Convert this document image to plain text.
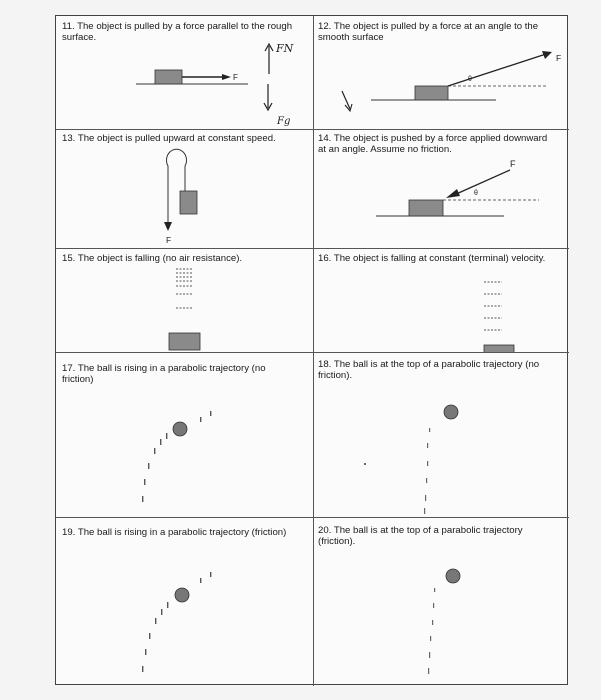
11. The object is pulled by a force parallel to the rough surface.
F
FN
Fg
12. The object is pulled by a force at an angle to the smooth surface
F
θ
13. The object is pulled upward at constant speed.
F
14. The object is pushed by a force applied downward at an angle. Assume no friction.
F
θ
15. The object is falling (no air resistance).	16. The object is falling at constant (terminal) velocity.
17. The ball is rising in a parabolic trajectory (no friction)
18. The ball is at the top of a parabolic trajectory (no friction).
19. The ball is rising in a parabolic trajectory (friction)	20. The ball is at the top of a parabolic trajectory (friction).
